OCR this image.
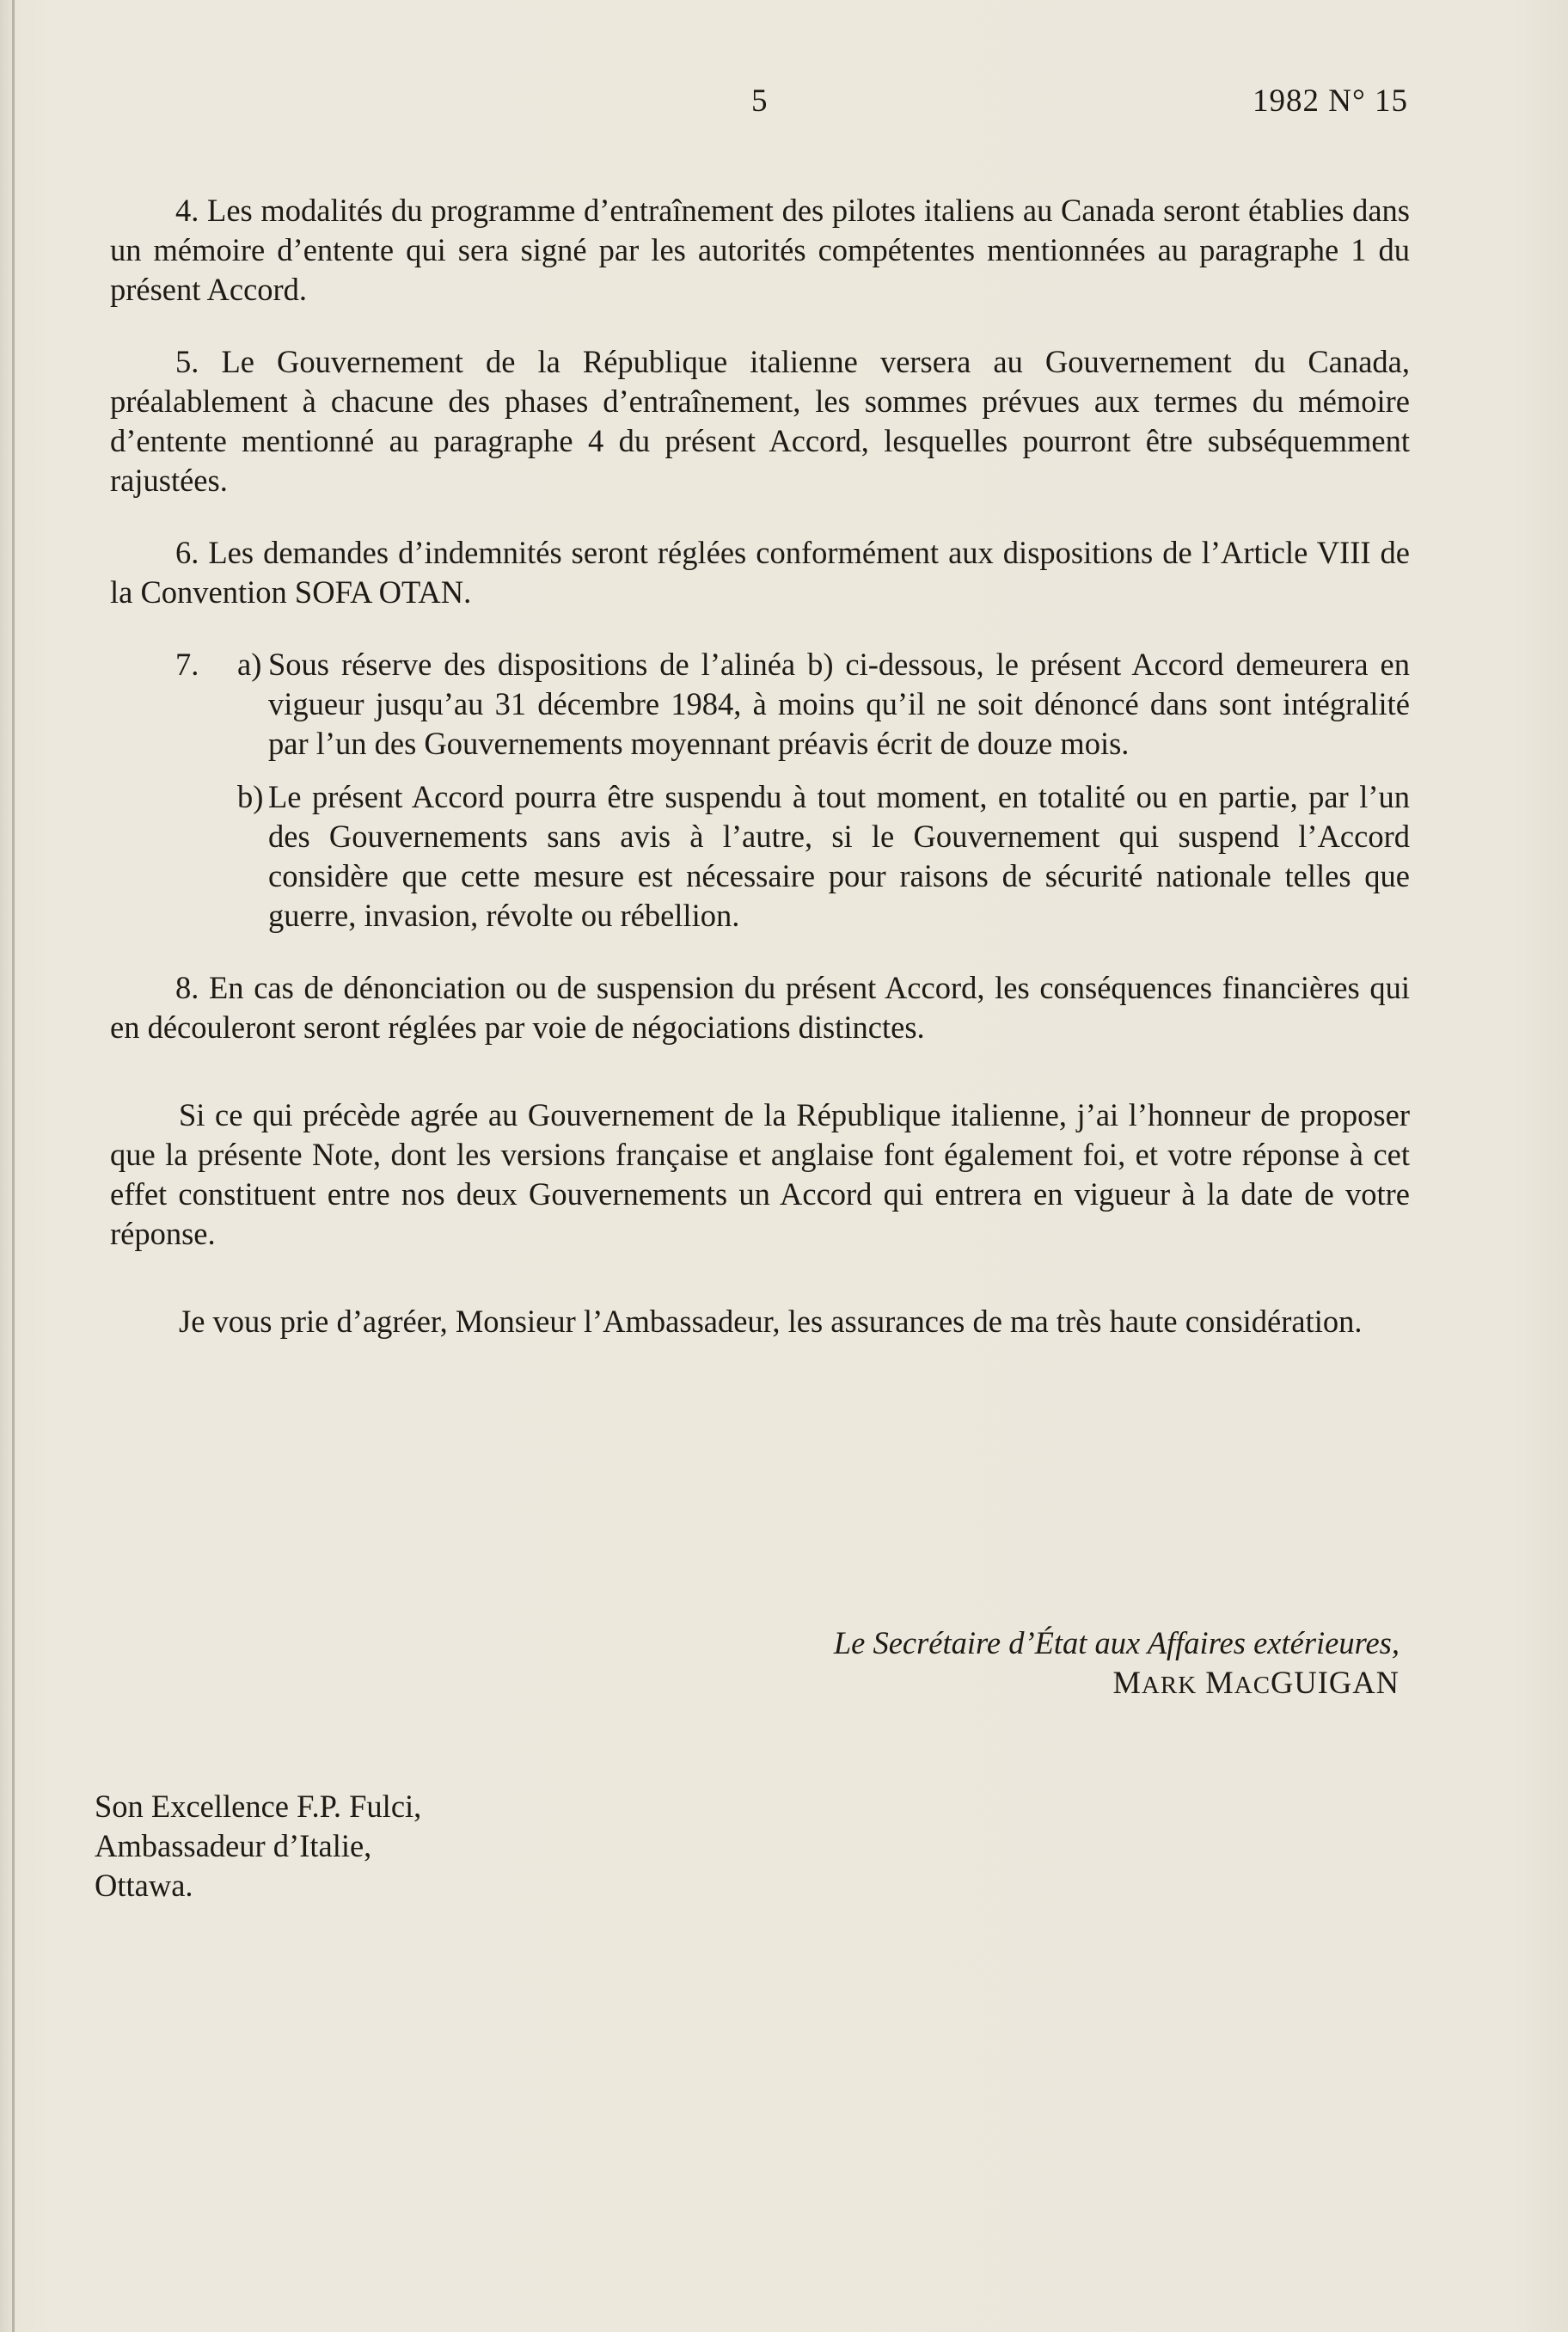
5	1982 N° 15

4. Les modalités du programme d’entraînement des pilotes italiens au Canada seront établies dans un mémoire d’entente qui sera signé par les autorités compétentes mentionnées au paragraphe 1 du présent Accord.

5. Le Gouvernement de la République italienne versera au Gouvernement du Canada, préalablement à chacune des phases d’entraînement, les sommes prévues aux termes du mémoire d’entente mentionné au paragraphe 4 du présent Accord, lesquelles pourront être subséquemment rajustées.

6. Les demandes d’indemnités seront réglées conformément aux dispositions de l’Article VIII de la Convention SOFA OTAN.

7. a) Sous réserve des dispositions de l’alinéa b) ci-dessous, le présent Accord demeurera en vigueur jusqu’au 31 décembre 1984, à moins qu’il ne soit dénoncé dans sont intégralité par l’un des Gouvernements moyennant préavis écrit de douze mois.
b) Le présent Accord pourra être suspendu à tout moment, en totalité ou en partie, par l’un des Gouvernements sans avis à l’autre, si le Gouvernement qui suspend l’Accord considère que cette mesure est nécessaire pour raisons de sécurité nationale telles que guerre, invasion, révolte ou rébellion.

8. En cas de dénonciation ou de suspension du présent Accord, les conséquences financières qui en découleront seront réglées par voie de négociations distinctes.

Si ce qui précède agrée au Gouvernement de la République italienne, j’ai l’honneur de proposer que la présente Note, dont les versions française et anglaise font également foi, et votre réponse à cet effet constituent entre nos deux Gouvernements un Accord qui entrera en vigueur à la date de votre réponse.

Je vous prie d’agréer, Monsieur l’Ambassadeur, les assurances de ma très haute considération.

Le Secrétaire d’État aux Affaires extérieures,
MARK MACGUIGAN
Son Excellence F.P. Fulci,
Ambassadeur d’Italie,
Ottawa.
